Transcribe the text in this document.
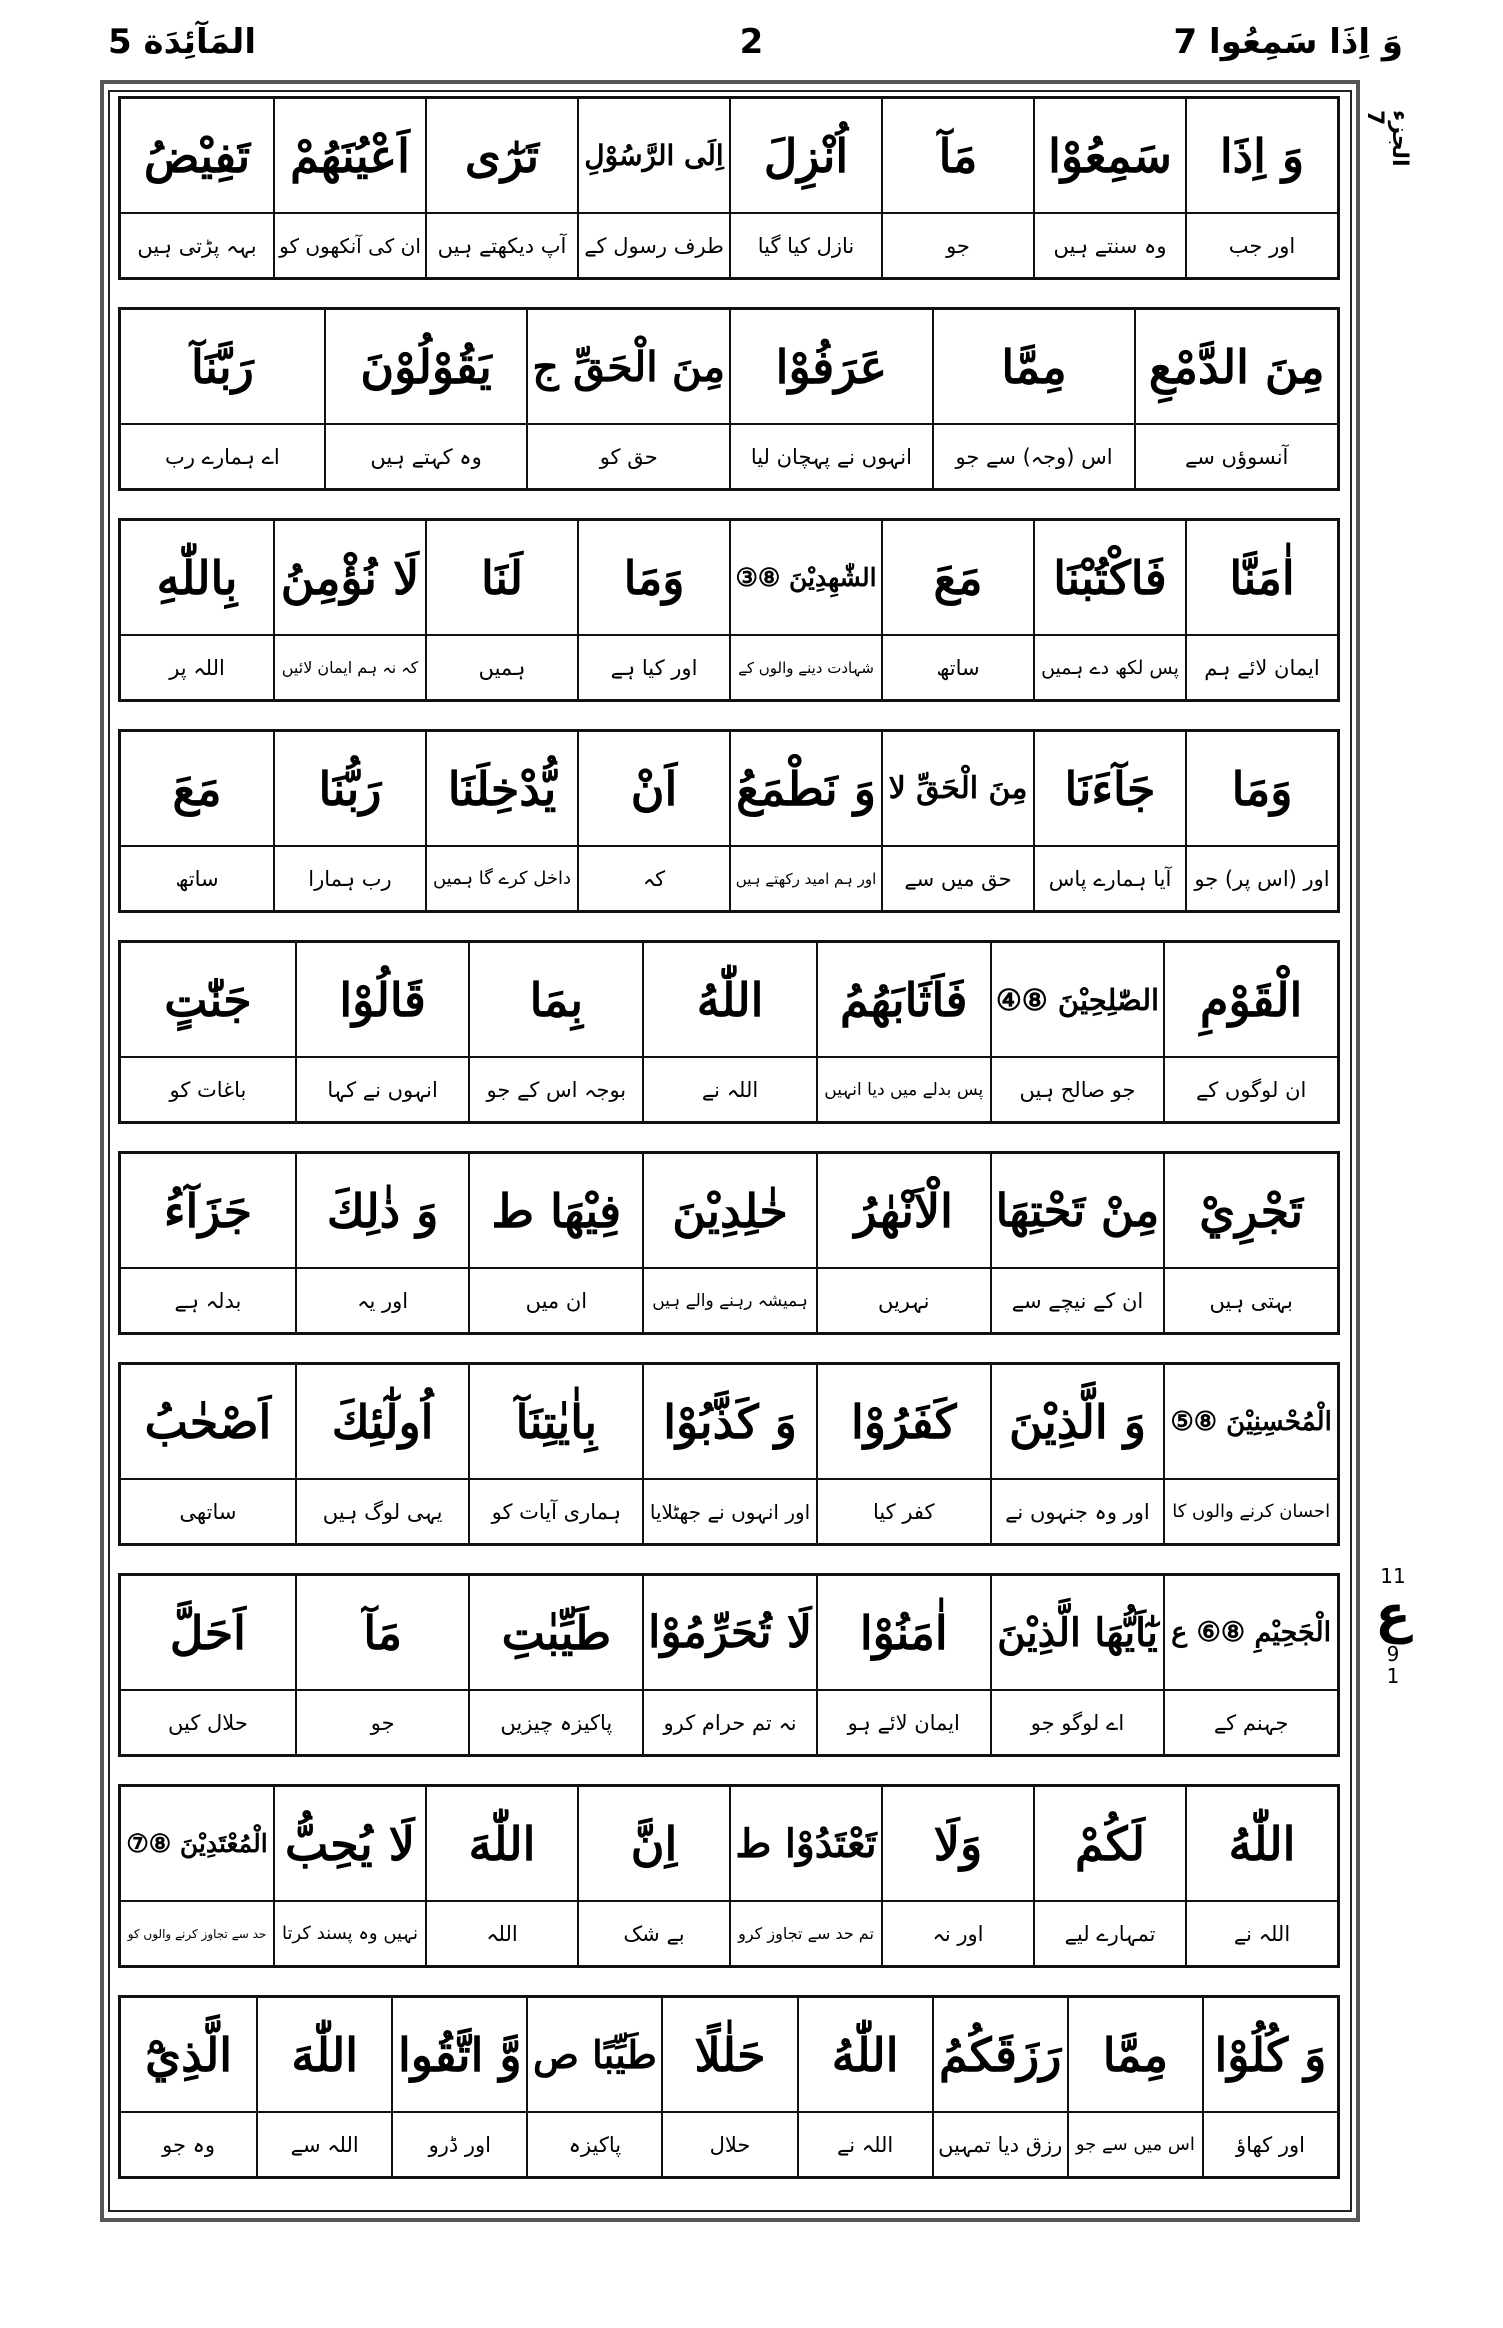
وَ اِذَا سَمِعُوا 7
2
المَآئِدَة 5
الجزء 7
11
ع
9
1
وَ اِذَا
سَمِعُوْا
مَآ
اُنْزِلَ
اِلَى الرَّسُوْلِ
تَرٰٓى
اَعْيُنَهُمْ
تَفِيْضُ
اور جب
وہ سنتے ہیں
جو
نازل کیا گیا
طرف رسول کے
آپ دیکھتے ہیں
ان کی آنکھوں کو
بہہ پڑتی ہیں
مِنَ الدَّمْعِ
مِمَّا
عَرَفُوْا
مِنَ الْحَقِّ ج
يَقُوْلُوْنَ
رَبَّنَآ
آنسوؤں سے
اس (وجہ) سے جو
انہوں نے پہچان لیا
حق کو
وہ کہتے ہیں
اے ہمارے رب
اٰمَنَّا
فَاكْتُبْنَا
مَعَ
الشّٰهِدِيْنَ ⑧③
وَمَا
لَنَا
لَا نُؤْمِنُ
بِاللّٰهِ
ایمان لائے ہم
پس لکھ دے ہمیں
ساتھ
شہادت دینے والوں کے
اور کیا ہے
ہمیں
کہ نہ ہم ایمان لائیں
اللہ پر
وَمَا
جَآءَنَا
مِنَ الْحَقِّ لا
وَ نَطْمَعُ
اَنْ
يُّدْخِلَنَا
رَبُّنَا
مَعَ
اور (اس پر) جو
آیا ہمارے پاس
حق میں سے
اور ہم امید رکھتے ہیں
کہ
داخل کرے گا ہمیں
رب ہمارا
ساتھ
الْقَوْمِ
الصّٰلِحِيْنَ ⑧④
فَاَثَابَهُمُ
اللّٰهُ
بِمَا
قَالُوْا
جَنّٰتٍ
ان لوگوں کے
جو صالح ہیں
پس بدلے میں دیا انہیں
اللہ نے
بوجہ اس کے جو
انہوں نے کہا
باغات کو
تَجْرِيْ
مِنْ تَحْتِهَا
الْاَنْهٰرُ
خٰلِدِيْنَ
فِيْهَا ط
وَ ذٰلِكَ
جَزَآءُ
بہتی ہیں
ان کے نیچے سے
نہریں
ہمیشہ رہنے والے ہیں
ان میں
اور یہ
بدلہ ہے
الْمُحْسِنِيْنَ ⑧⑤
وَ الَّذِيْنَ
كَفَرُوْا
وَ كَذَّبُوْا
بِاٰيٰتِنَآ
اُولٰٓئِكَ
اَصْحٰبُ
احسان کرنے والوں کا
اور وہ جنہوں نے
کفر کیا
اور انہوں نے جھٹلایا
ہماری آیات کو
یہی لوگ ہیں
ساتھی
الْجَحِيْمِ ⑧⑥ ع
يٰٓاَيُّهَا الَّذِيْنَ
اٰمَنُوْا
لَا تُحَرِّمُوْا
طَيِّبٰتِ
مَآ
اَحَلَّ
جہنم کے
اے لوگو جو
ایمان لائے ہو
نہ تم حرام کرو
پاکیزہ چیزیں
جو
حلال کیں
اللّٰهُ
لَكُمْ
وَلَا
تَعْتَدُوْا ط
اِنَّ
اللّٰهَ
لَا يُحِبُّ
الْمُعْتَدِيْنَ ⑧⑦
اللہ نے
تمہارے لیے
اور نہ
تم حد سے تجاوز کرو
بے شک
اللہ
نہیں وہ پسند کرتا
حد سے تجاوز کرنے والوں کو
وَ كُلُوْا
مِمَّا
رَزَقَكُمُ
اللّٰهُ
حَلٰلًا
طَيِّبًا ص
وَّ اتَّقُوا
اللّٰهَ
الَّذِيْٓ
اور کھاؤ
اس میں سے جو
رزق دیا تمہیں
اللہ نے
حلال
پاکیزہ
اور ڈرو
اللہ سے
وہ جو
